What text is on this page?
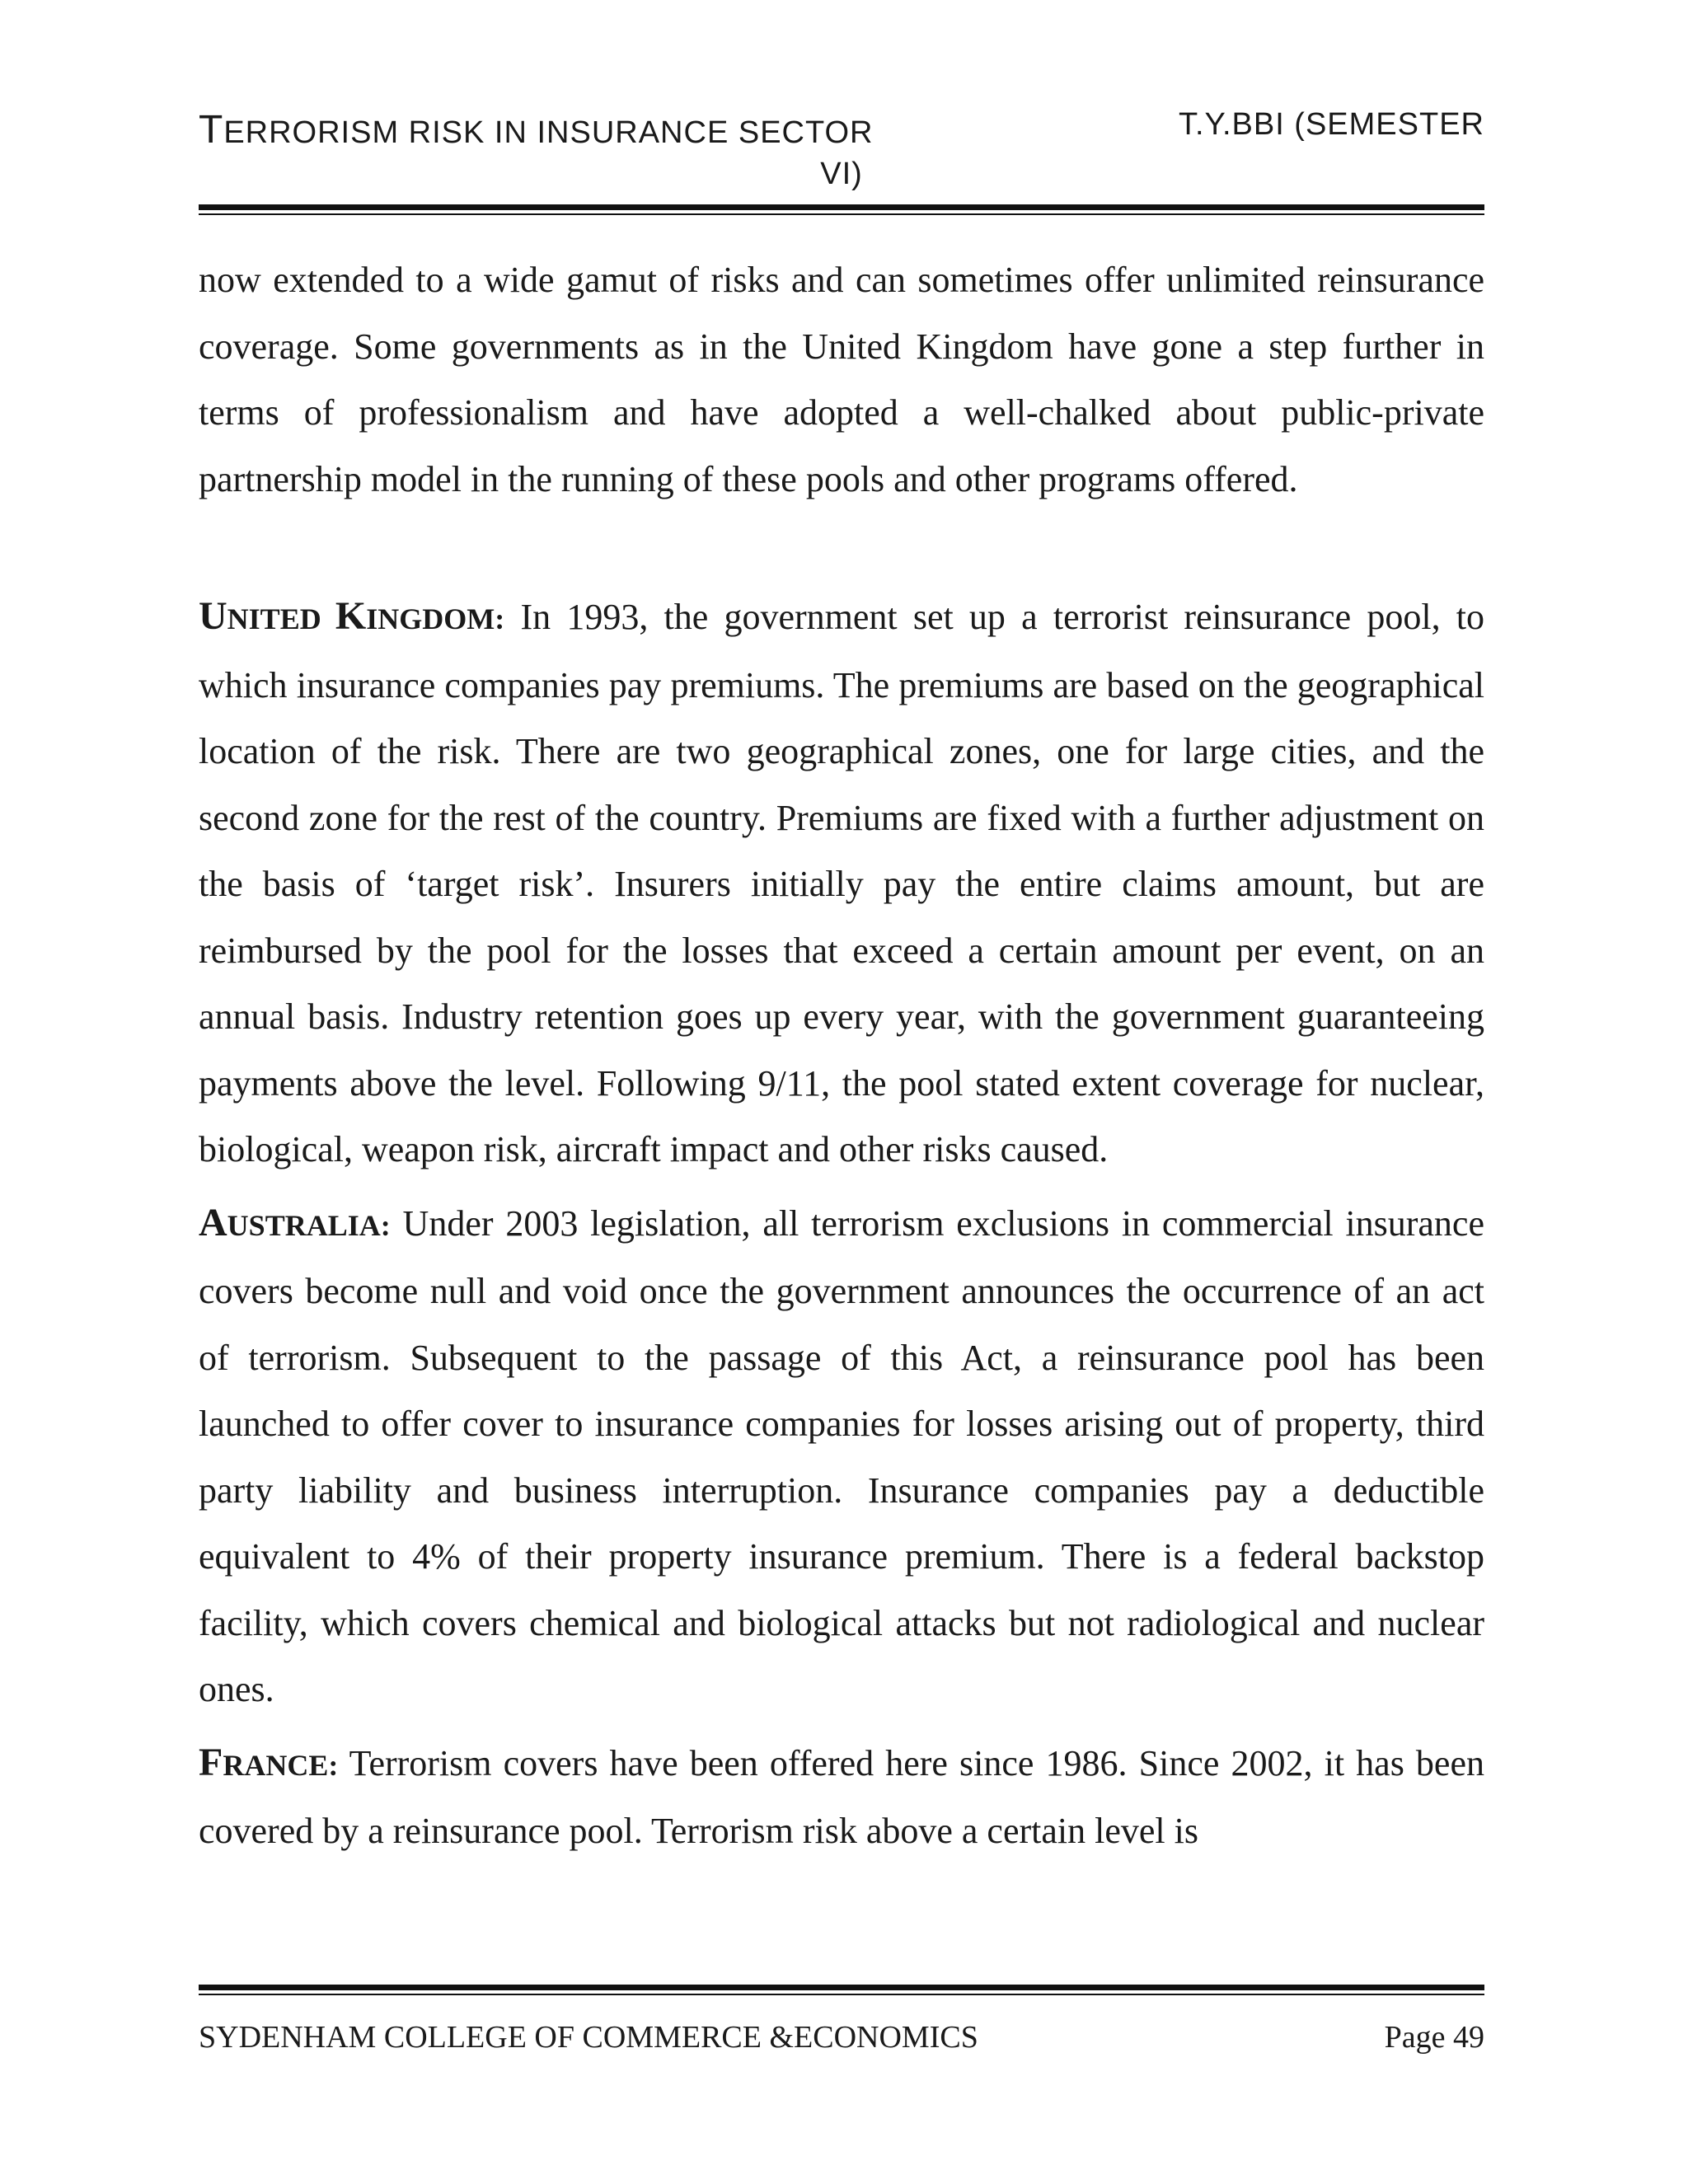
TERRORISM RISK IN INSURANCE SECTOR	T.Y.BBI (SEMESTER
VI)

now extended to a wide gamut of risks and can sometimes offer unlimited reinsurance coverage. Some governments as in the United Kingdom have gone a step further in terms of professionalism and have adopted a well-chalked about public-private partnership model in the running of these pools and other programs offered.

UNITED KINGDOM: In 1993, the government set up a terrorist reinsurance pool, to which insurance companies pay premiums. The premiums are based on the geographical location of the risk. There are two geographical zones, one for large cities, and the second zone for the rest of the country. Premiums are fixed with a further adjustment on the basis of ‘target risk’. Insurers initially pay the entire claims amount, but are reimbursed by the pool for the losses that exceed a certain amount per event, on an annual basis. Industry retention goes up every year, with the government guaranteeing payments above the level. Following 9/11, the pool stated extent coverage for nuclear, biological, weapon risk, aircraft impact and other risks caused.

AUSTRALIA: Under 2003 legislation, all terrorism exclusions in commercial insurance covers become null and void once the government announces the occurrence of an act of terrorism. Subsequent to the passage of this Act, a reinsurance pool has been launched to offer cover to insurance companies for losses arising out of property, third party liability and business interruption. Insurance companies pay a deductible equivalent to 4% of their property insurance premium. There is a federal backstop facility, which covers chemical and biological attacks but not radiological and nuclear ones.

FRANCE: Terrorism covers have been offered here since 1986. Since 2002, it has been covered by a reinsurance pool. Terrorism risk above a certain level is

SYDENHAM COLLEGE OF COMMERCE &ECONOMICS	Page 49
